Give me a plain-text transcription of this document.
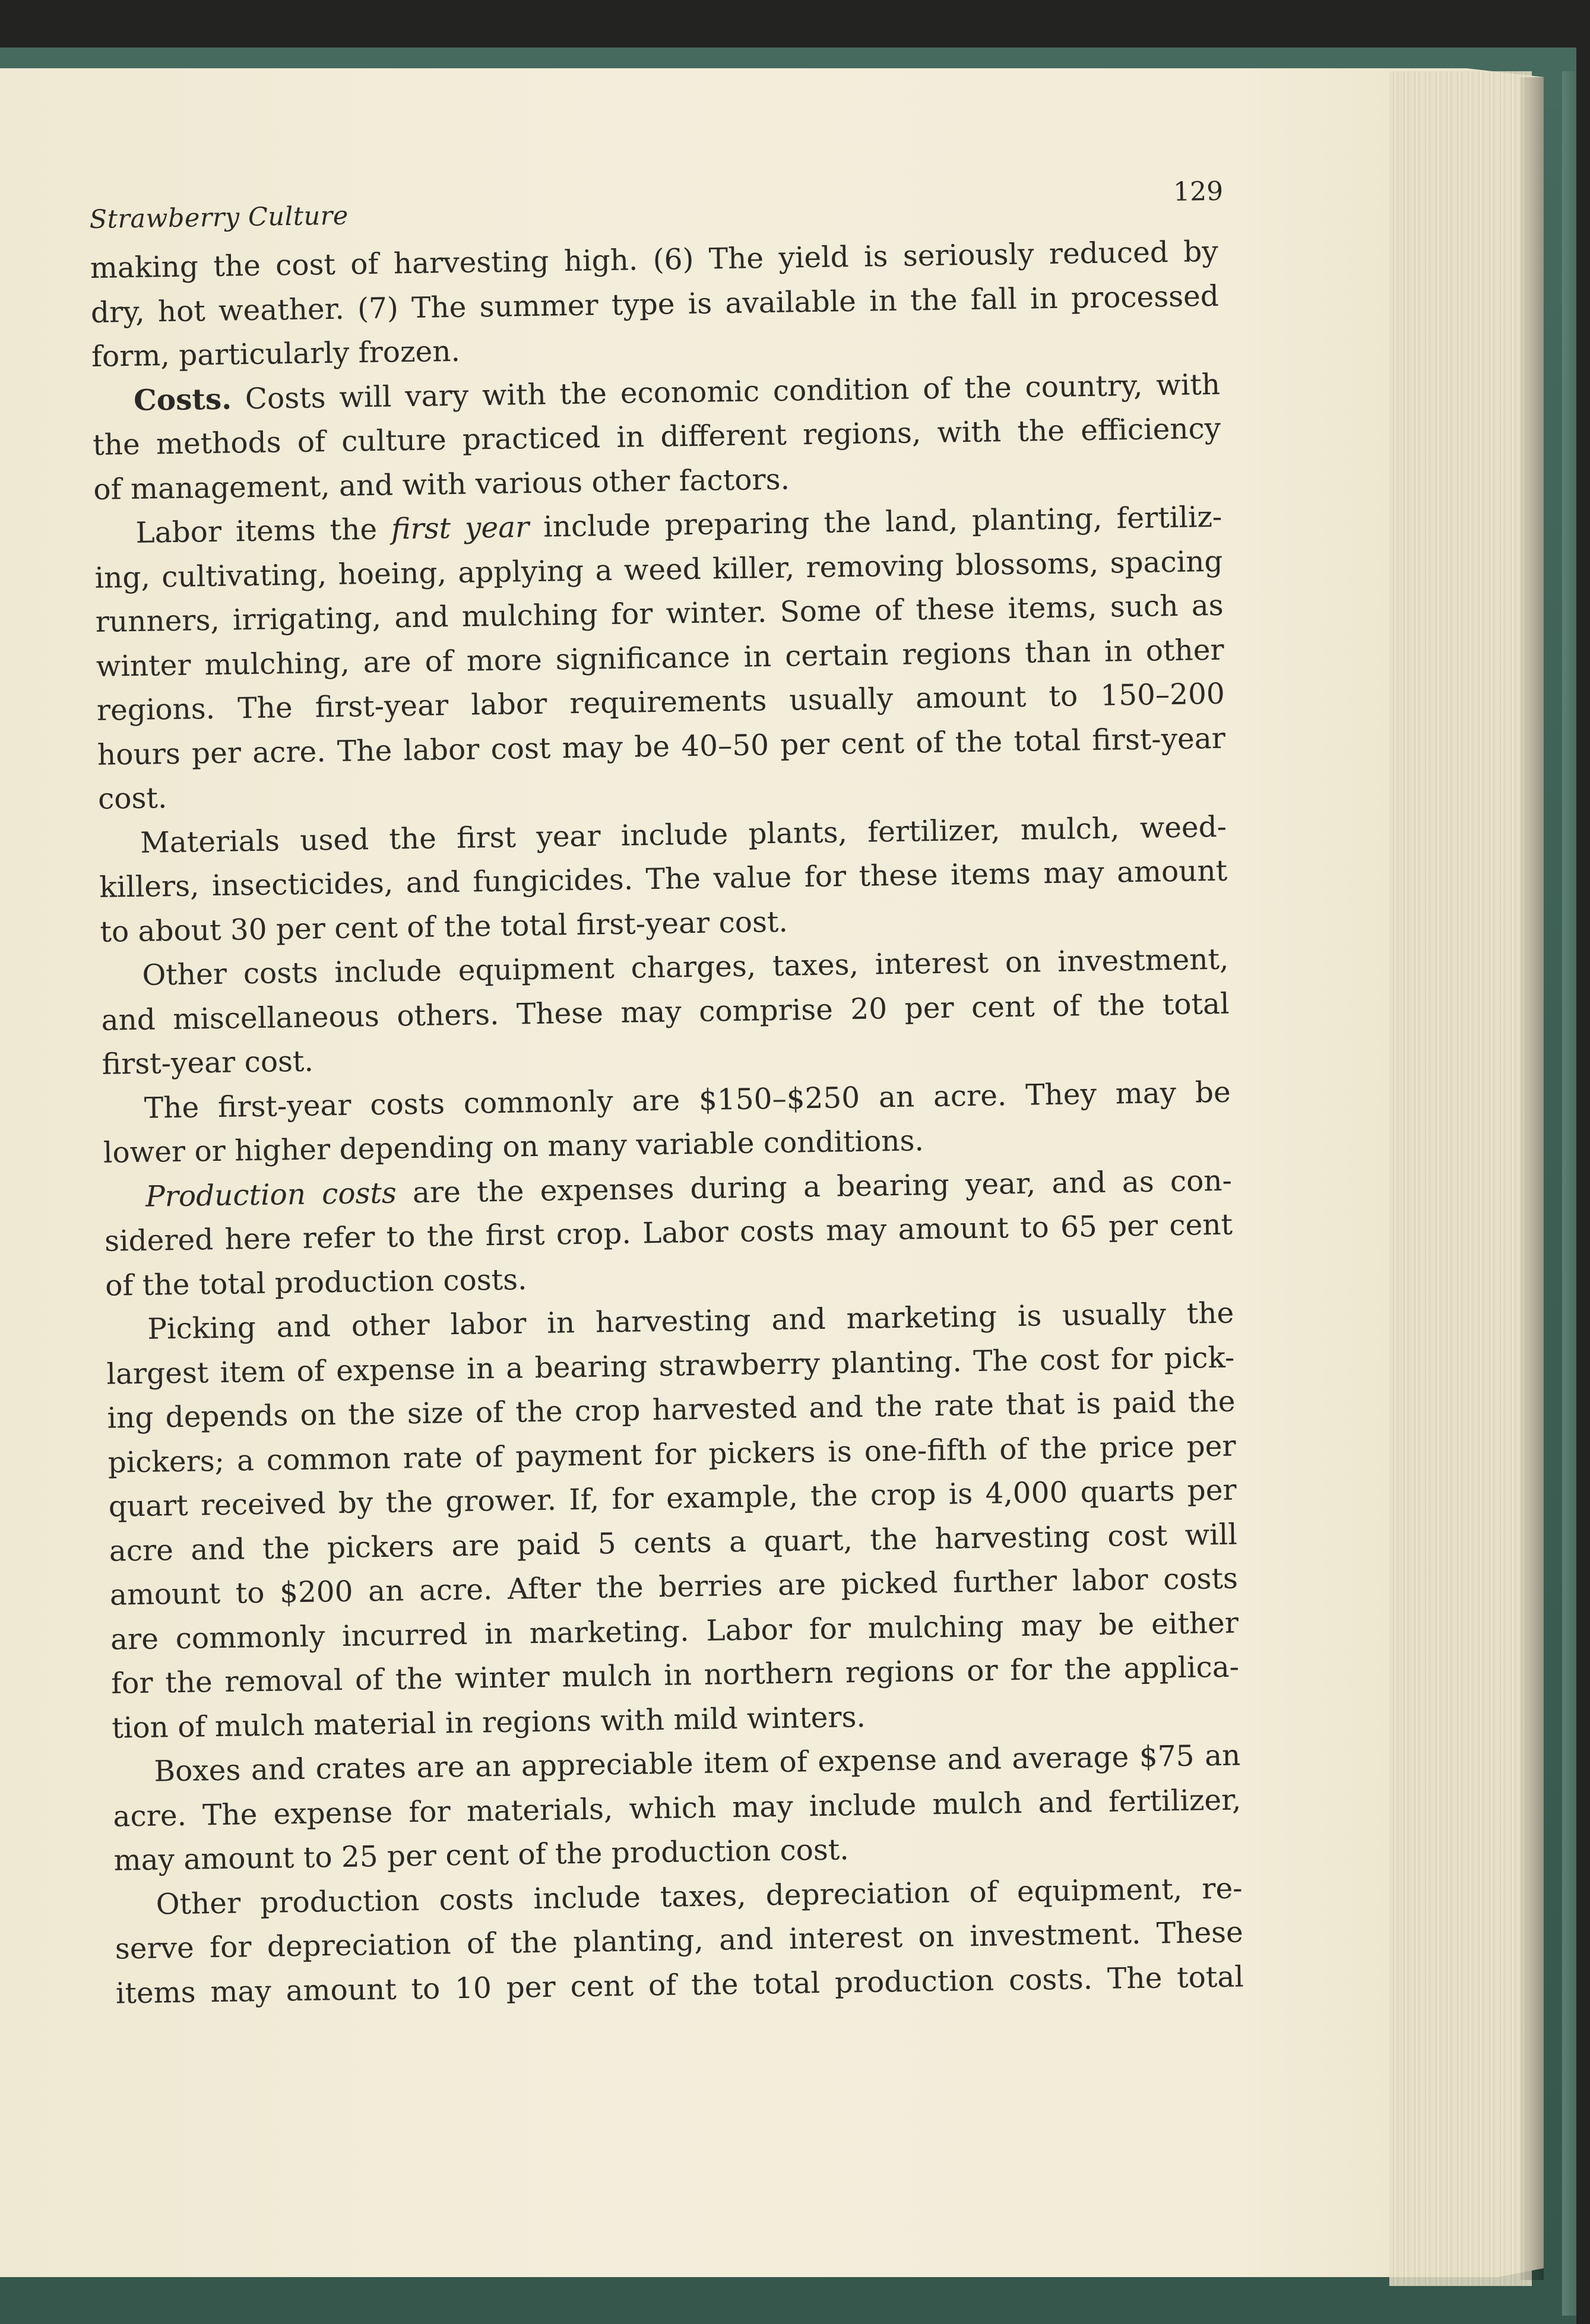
Strawberry Culture
129

making the cost of harvesting high. (6) The yield is seriously reduced by
dry, hot weather. (7) The summer type is available in the fall in processed
form, particularly frozen.

Costs. Costs will vary with the economic condition of the country, with
the methods of culture practiced in different regions, with the efficiency
of management, and with various other factors.

Labor items the first year include preparing the land, planting, fertiliz-
ing, cultivating, hoeing, applying a weed killer, removing blossoms, spacing
runners, irrigating, and mulching for winter. Some of these items, such as
winter mulching, are of more significance in certain regions than in other
regions. The first-year labor requirements usually amount to 150–200
hours per acre. The labor cost may be 40–50 per cent of the total first-year
cost.

Materials used the first year include plants, fertilizer, mulch, weed-
killers, insecticides, and fungicides. The value for these items may amount
to about 30 per cent of the total first-year cost.

Other costs include equipment charges, taxes, interest on investment,
and miscellaneous others. These may comprise 20 per cent of the total
first-year cost.

The first-year costs commonly are $150–$250 an acre. They may be
lower or higher depending on many variable conditions.

Production costs are the expenses during a bearing year, and as con-
sidered here refer to the first crop. Labor costs may amount to 65 per cent
of the total production costs.

Picking and other labor in harvesting and marketing is usually the
largest item of expense in a bearing strawberry planting. The cost for pick-
ing depends on the size of the crop harvested and the rate that is paid the
pickers; a common rate of payment for pickers is one-fifth of the price per
quart received by the grower. If, for example, the crop is 4,000 quarts per
acre and the pickers are paid 5 cents a quart, the harvesting cost will
amount to $200 an acre. After the berries are picked further labor costs
are commonly incurred in marketing. Labor for mulching may be either
for the removal of the winter mulch in northern regions or for the applica-
tion of mulch material in regions with mild winters.

Boxes and crates are an appreciable item of expense and average $75 an
acre. The expense for materials, which may include mulch and fertilizer,
may amount to 25 per cent of the production cost.

Other production costs include taxes, depreciation of equipment, re-
serve for depreciation of the planting, and interest on investment. These
items may amount to 10 per cent of the total production costs. The total
